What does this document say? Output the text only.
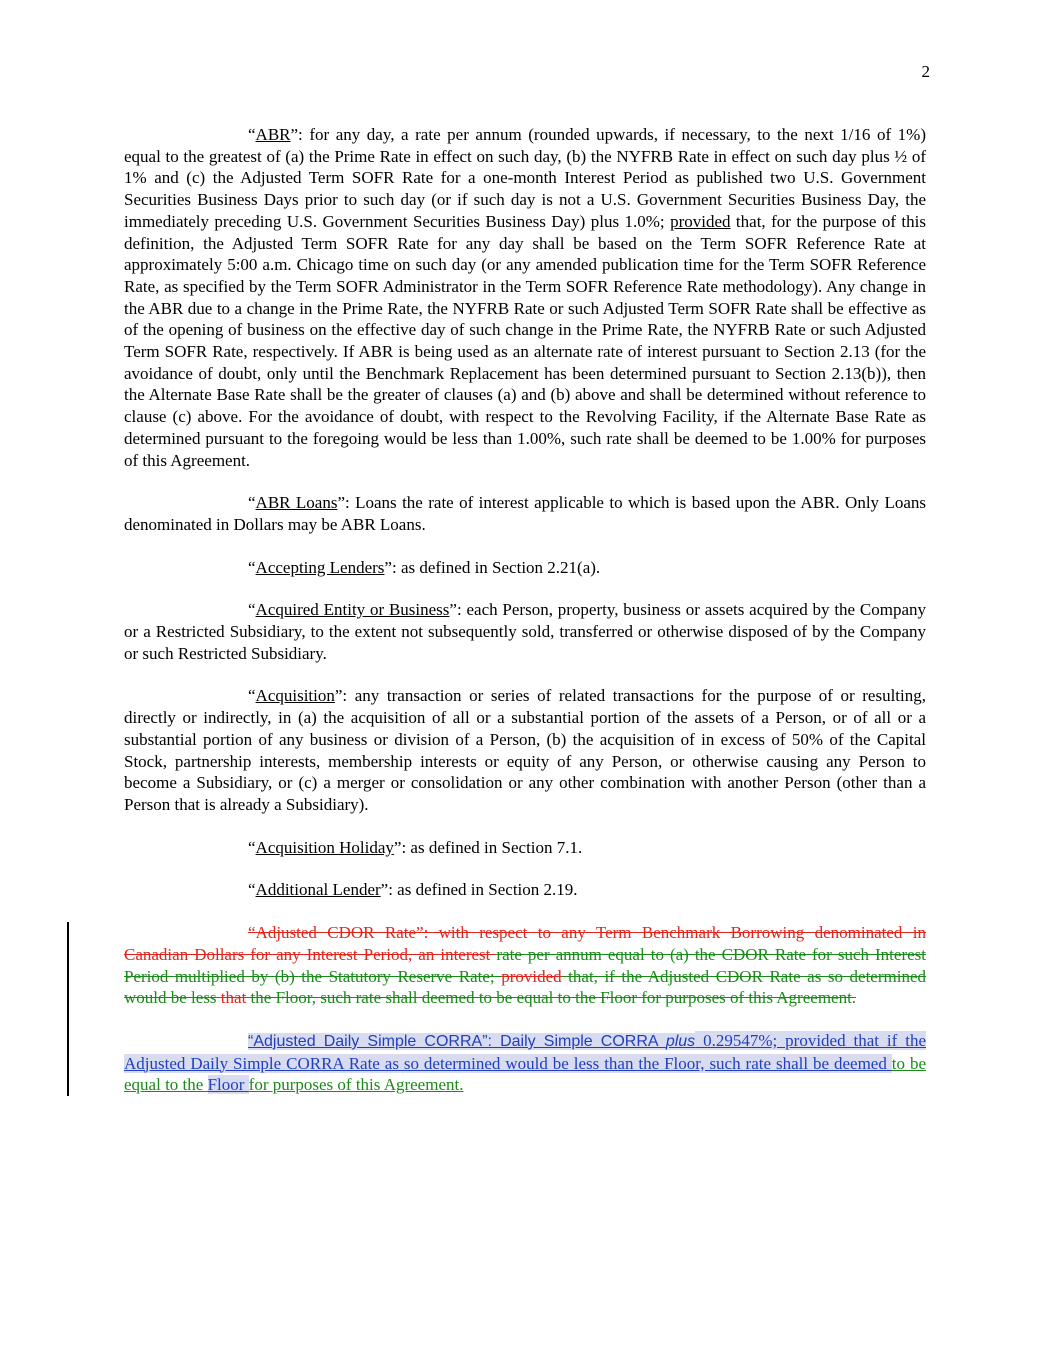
2

“ABR”: for any day, a rate per annum (rounded upwards, if necessary, to the next 1/16 of 1%) equal to the greatest of (a) the Prime Rate in effect on such day, (b) the NYFRB Rate in effect on such day plus ½ of 1% and (c) the Adjusted Term SOFR Rate for a one-month Interest Period as published two U.S. Government Securities Business Days prior to such day (or if such day is not a U.S. Government Securities Business Day, the immediately preceding U.S. Government Securities Business Day) plus 1.0%; provided that, for the purpose of this definition, the Adjusted Term SOFR Rate for any day shall be based on the Term SOFR Reference Rate at approximately 5:00 a.m. Chicago time on such day (or any amended publication time for the Term SOFR Reference Rate, as specified by the Term SOFR Administrator in the Term SOFR Reference Rate methodology). Any change in the ABR due to a change in the Prime Rate, the NYFRB Rate or such Adjusted Term SOFR Rate shall be effective as of the opening of business on the effective day of such change in the Prime Rate, the NYFRB Rate or such Adjusted Term SOFR Rate, respectively. If ABR is being used as an alternate rate of interest pursuant to Section 2.13 (for the avoidance of doubt, only until the Benchmark Replacement has been determined pursuant to Section 2.13(b)), then the Alternate Base Rate shall be the greater of clauses (a) and (b) above and shall be determined without reference to clause (c) above. For the avoidance of doubt, with respect to the Revolving Facility, if the Alternate Base Rate as determined pursuant to the foregoing would be less than 1.00%, such rate shall be deemed to be 1.00% for purposes of this Agreement.

“ABR Loans”: Loans the rate of interest applicable to which is based upon the ABR. Only Loans denominated in Dollars may be ABR Loans.

“Accepting Lenders”: as defined in Section 2.21(a).

“Acquired Entity or Business”: each Person, property, business or assets acquired by the Company or a Restricted Subsidiary, to the extent not subsequently sold, transferred or otherwise disposed of by the Company or such Restricted Subsidiary.

“Acquisition”: any transaction or series of related transactions for the purpose of or resulting, directly or indirectly, in (a) the acquisition of all or a substantial portion of the assets of a Person, or of all or a substantial portion of any business or division of a Person, (b) the acquisition of in excess of 50% of the Capital Stock, partnership interests, membership interests or equity of any Person, or otherwise causing any Person to become a Subsidiary, or (c) a merger or consolidation or any other combination with another Person (other than a Person that is already a Subsidiary).

“Acquisition Holiday”: as defined in Section 7.1.

“Additional Lender”: as defined in Section 2.19.

“Adjusted CDOR Rate”: with respect to any Term Benchmark Borrowing denominated in Canadian Dollars for any Interest Period, an interest rate per annum equal to (a) the CDOR Rate for such Interest Period multiplied by (b) the Statutory Reserve Rate; provided that, if the Adjusted CDOR Rate as so determined would be less that the Floor, such rate shall deemed to be equal to the Floor for purposes of this Agreement.

“Adjusted Daily Simple CORRA”: Daily Simple CORRA plus 0.29547%; provided that if the Adjusted Daily Simple CORRA Rate as so determined would be less than the Floor, such rate shall be deemed to be equal to the Floor for purposes of this Agreement.
